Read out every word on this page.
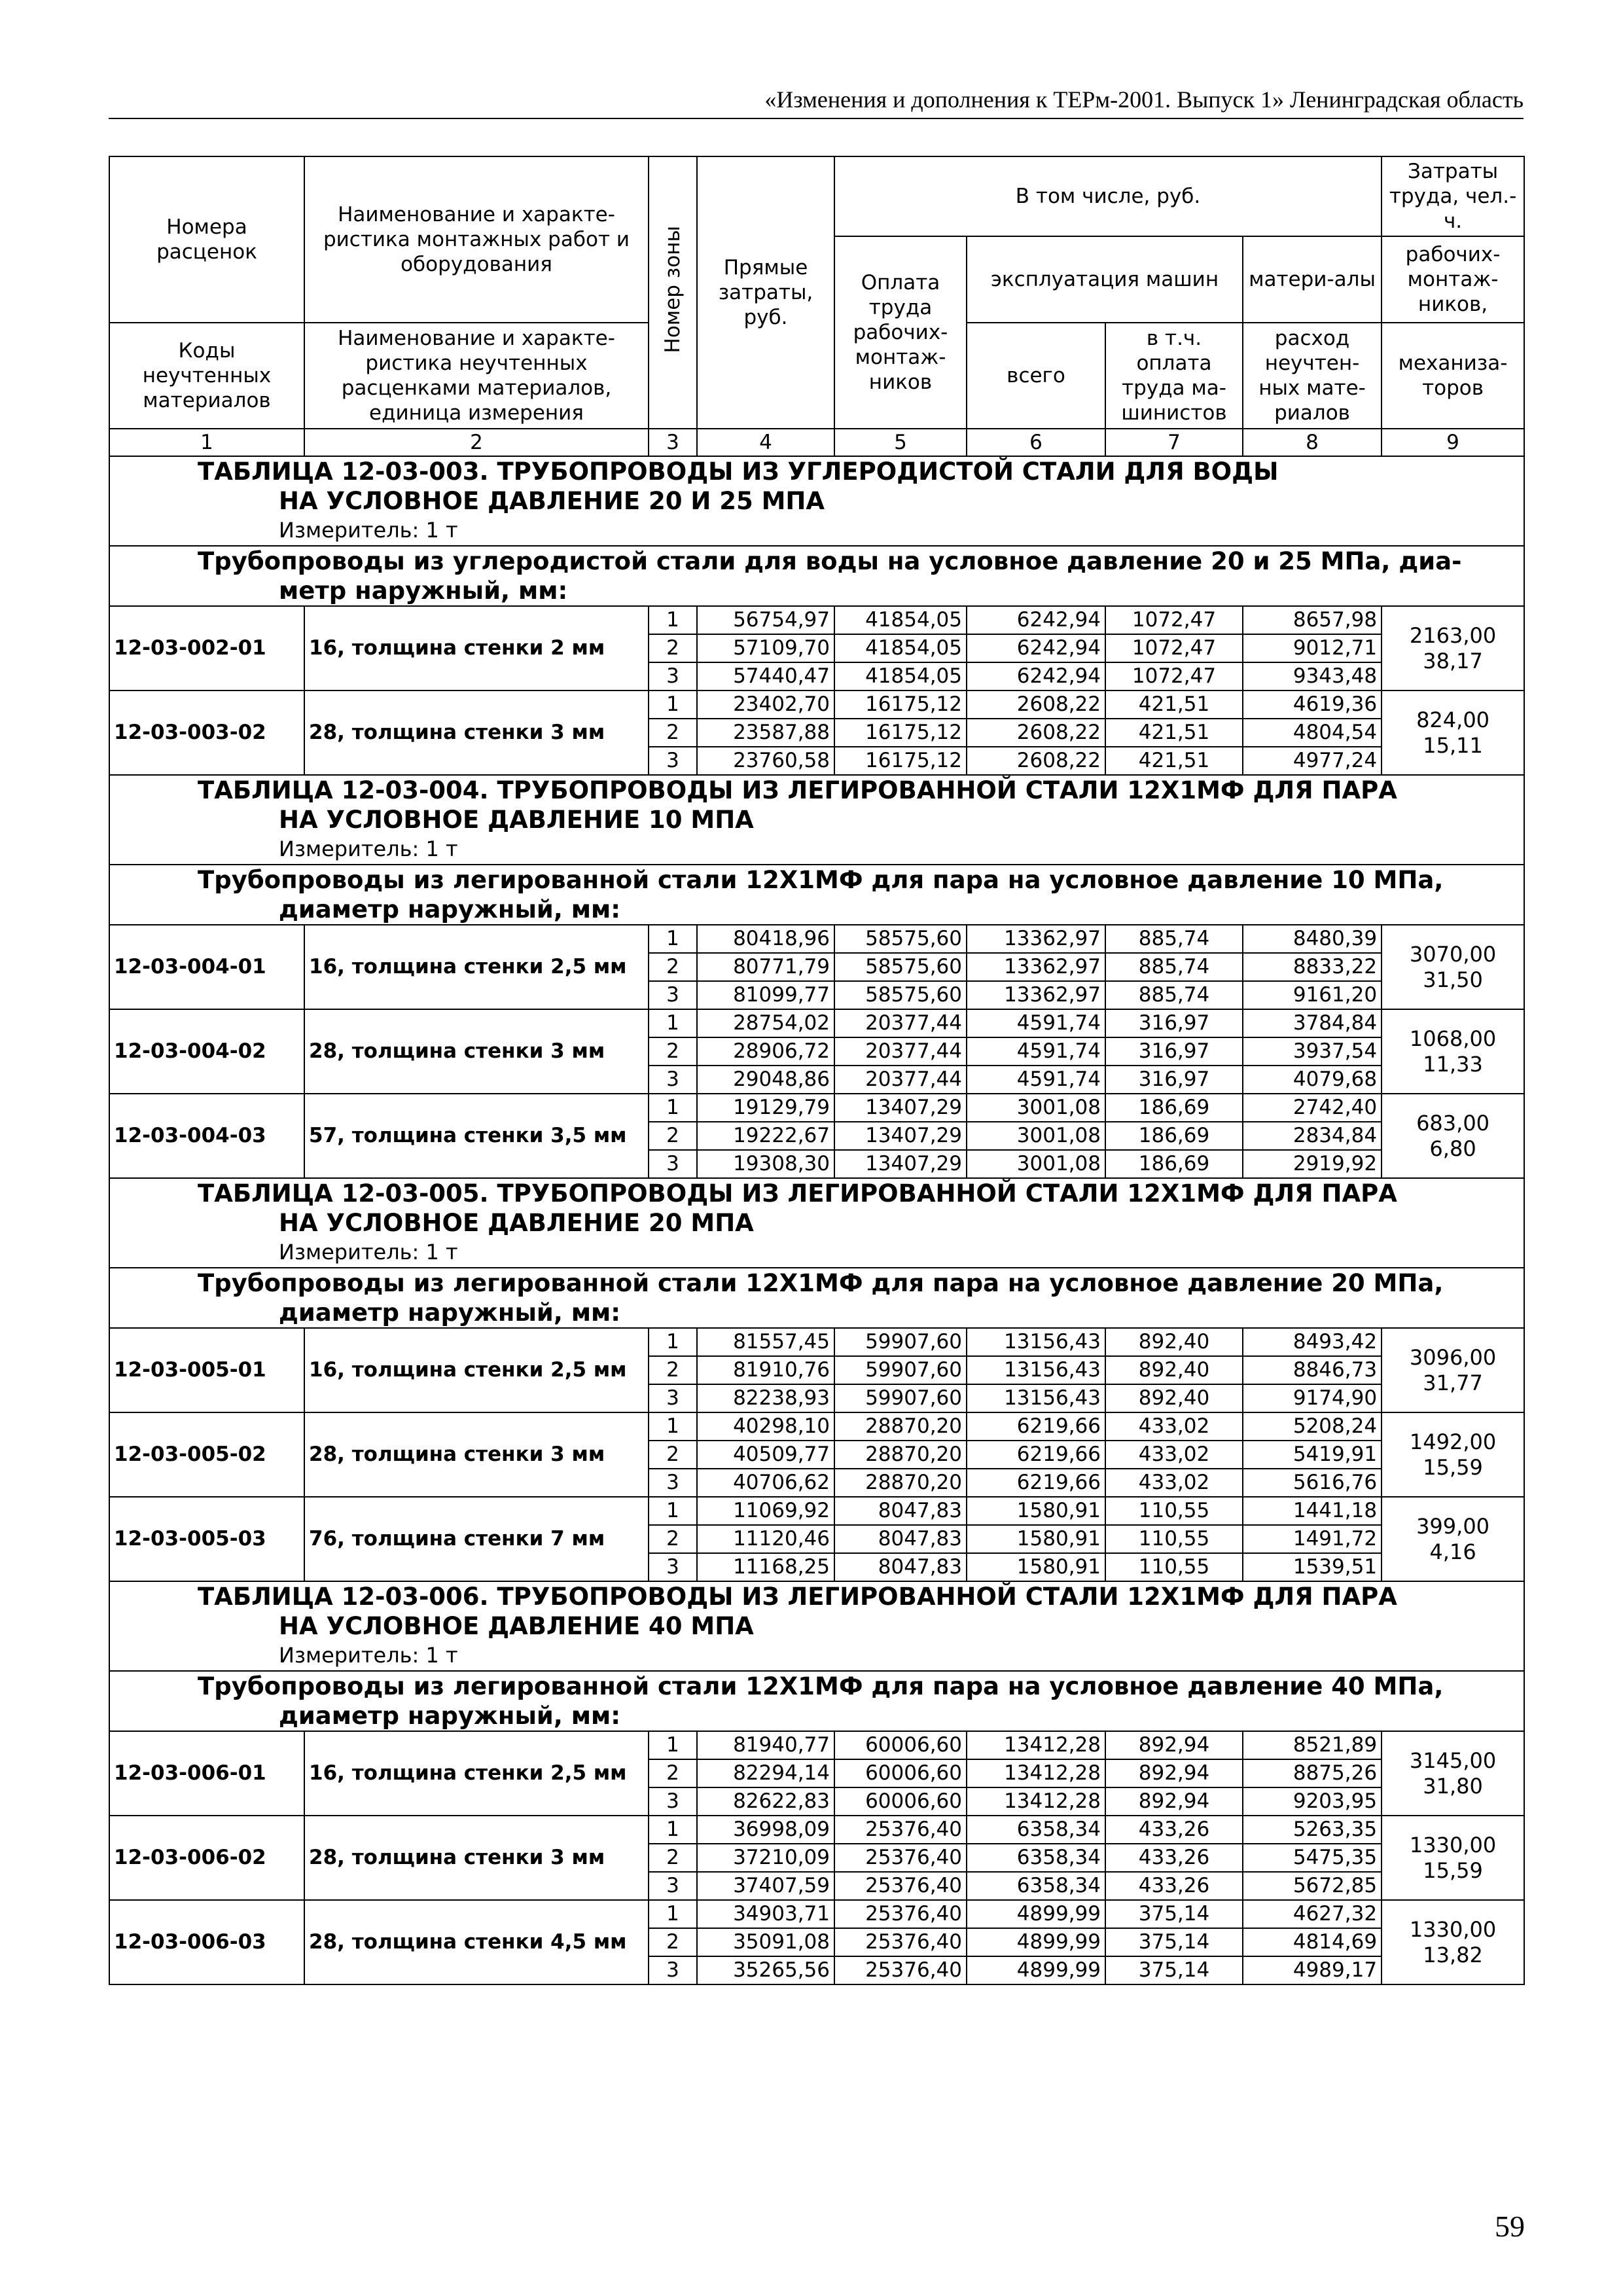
«Изменения и дополнения к ТЕРм-2001. Выпуск 1» Ленинградская область
Номера расценок	Наименование и характе-ристика монтажных работ и оборудования	Номер зоны	Прямые затраты, руб.	В том числе, руб.				Затраты труда, чел.-ч.
				Оплата труда рабочих-монтаж-ников	эксплуатация машин		матери-алы	рабочих-монтаж-ников,
Коды неучтенных материалов	Наименование и характе-ристика неучтенных расценками материалов, единица измерения				всего	в т.ч. оплата труда ма-шинистов	расход неучтен-ных мате-риалов	механиза-торов
1	2	3	4	5	6	7	8	9

ТАБЛИЦА 12-03-003. ТРУБОПРОВОДЫ ИЗ УГЛЕРОДИСТОЙ СТАЛИ ДЛЯ ВОДЫ
НА УСЛОВНОЕ ДАВЛЕНИЕ 20 И 25 МПА
Измеритель: 1 т								

Трубопроводы из углеродистой стали для воды на условное давление 20 и 25 МПа, диа-
метр наружный, мм:								

12-03-002-01	16, толщина стенки 2 мм	1	56754,97	41854,05	6242,94	1072,47	8657,98	2163,00
38,17

		2	57109,70	41854,05	6242,94	1072,47	9012,71	
		3	57440,47	41854,05	6242,94	1072,47	9343,48	
12-03-003-02	28, толщина стенки 3 мм	1	23402,70	16175,12	2608,22	421,51	4619,36	824,00
15,11

		2	23587,88	16175,12	2608,22	421,51	4804,54	
		3	23760,58	16175,12	2608,22	421,51	4977,24	

ТАБЛИЦА 12-03-004. ТРУБОПРОВОДЫ ИЗ ЛЕГИРОВАННОЙ СТАЛИ 12Х1МФ ДЛЯ ПАРА
НА УСЛОВНОЕ ДАВЛЕНИЕ 10 МПА
Измеритель: 1 т								

Трубопроводы из легированной стали 12Х1МФ для пара на условное давление 10 МПа,
диаметр наружный, мм:								

12-03-004-01	16, толщина стенки 2,5 мм	1	80418,96	58575,60	13362,97	885,74	8480,39	3070,00
31,50

		2	80771,79	58575,60	13362,97	885,74	8833,22	
		3	81099,77	58575,60	13362,97	885,74	9161,20	
12-03-004-02	28, толщина стенки 3 мм	1	28754,02	20377,44	4591,74	316,97	3784,84	1068,00
11,33

		2	28906,72	20377,44	4591,74	316,97	3937,54	
		3	29048,86	20377,44	4591,74	316,97	4079,68	
12-03-004-03	57, толщина стенки 3,5 мм	1	19129,79	13407,29	3001,08	186,69	2742,40	683,00
6,80

		2	19222,67	13407,29	3001,08	186,69	2834,84	
		3	19308,30	13407,29	3001,08	186,69	2919,92	

ТАБЛИЦА 12-03-005. ТРУБОПРОВОДЫ ИЗ ЛЕГИРОВАННОЙ СТАЛИ 12Х1МФ ДЛЯ ПАРА
НА УСЛОВНОЕ ДАВЛЕНИЕ 20 МПА
Измеритель: 1 т								

Трубопроводы из легированной стали 12Х1МФ для пара на условное давление 20 МПа,
диаметр наружный, мм:								

12-03-005-01	16, толщина стенки 2,5 мм	1	81557,45	59907,60	13156,43	892,40	8493,42	3096,00
31,77

		2	81910,76	59907,60	13156,43	892,40	8846,73	
		3	82238,93	59907,60	13156,43	892,40	9174,90	
12-03-005-02	28, толщина стенки 3 мм	1	40298,10	28870,20	6219,66	433,02	5208,24	1492,00
15,59

		2	40509,77	28870,20	6219,66	433,02	5419,91	
		3	40706,62	28870,20	6219,66	433,02	5616,76	
12-03-005-03	76, толщина стенки 7 мм	1	11069,92	8047,83	1580,91	110,55	1441,18	399,00
4,16

		2	11120,46	8047,83	1580,91	110,55	1491,72	
		3	11168,25	8047,83	1580,91	110,55	1539,51	

ТАБЛИЦА 12-03-006. ТРУБОПРОВОДЫ ИЗ ЛЕГИРОВАННОЙ СТАЛИ 12Х1МФ ДЛЯ ПАРА
НА УСЛОВНОЕ ДАВЛЕНИЕ 40 МПА
Измеритель: 1 т								

Трубопроводы из легированной стали 12Х1МФ для пара на условное давление 40 МПа,
диаметр наружный, мм:								

12-03-006-01	16, толщина стенки 2,5 мм	1	81940,77	60006,60	13412,28	892,94	8521,89	3145,00
31,80

		2	82294,14	60006,60	13412,28	892,94	8875,26	
		3	82622,83	60006,60	13412,28	892,94	9203,95	
12-03-006-02	28, толщина стенки 3 мм	1	36998,09	25376,40	6358,34	433,26	5263,35	1330,00
15,59

		2	37210,09	25376,40	6358,34	433,26	5475,35	
		3	37407,59	25376,40	6358,34	433,26	5672,85	
12-03-006-03	28, толщина стенки 4,5 мм	1	34903,71	25376,40	4899,99	375,14	4627,32	1330,00
13,82

		2	35091,08	25376,40	4899,99	375,14	4814,69	
		3	35265,56	25376,40	4899,99	375,14	4989,17	
59
